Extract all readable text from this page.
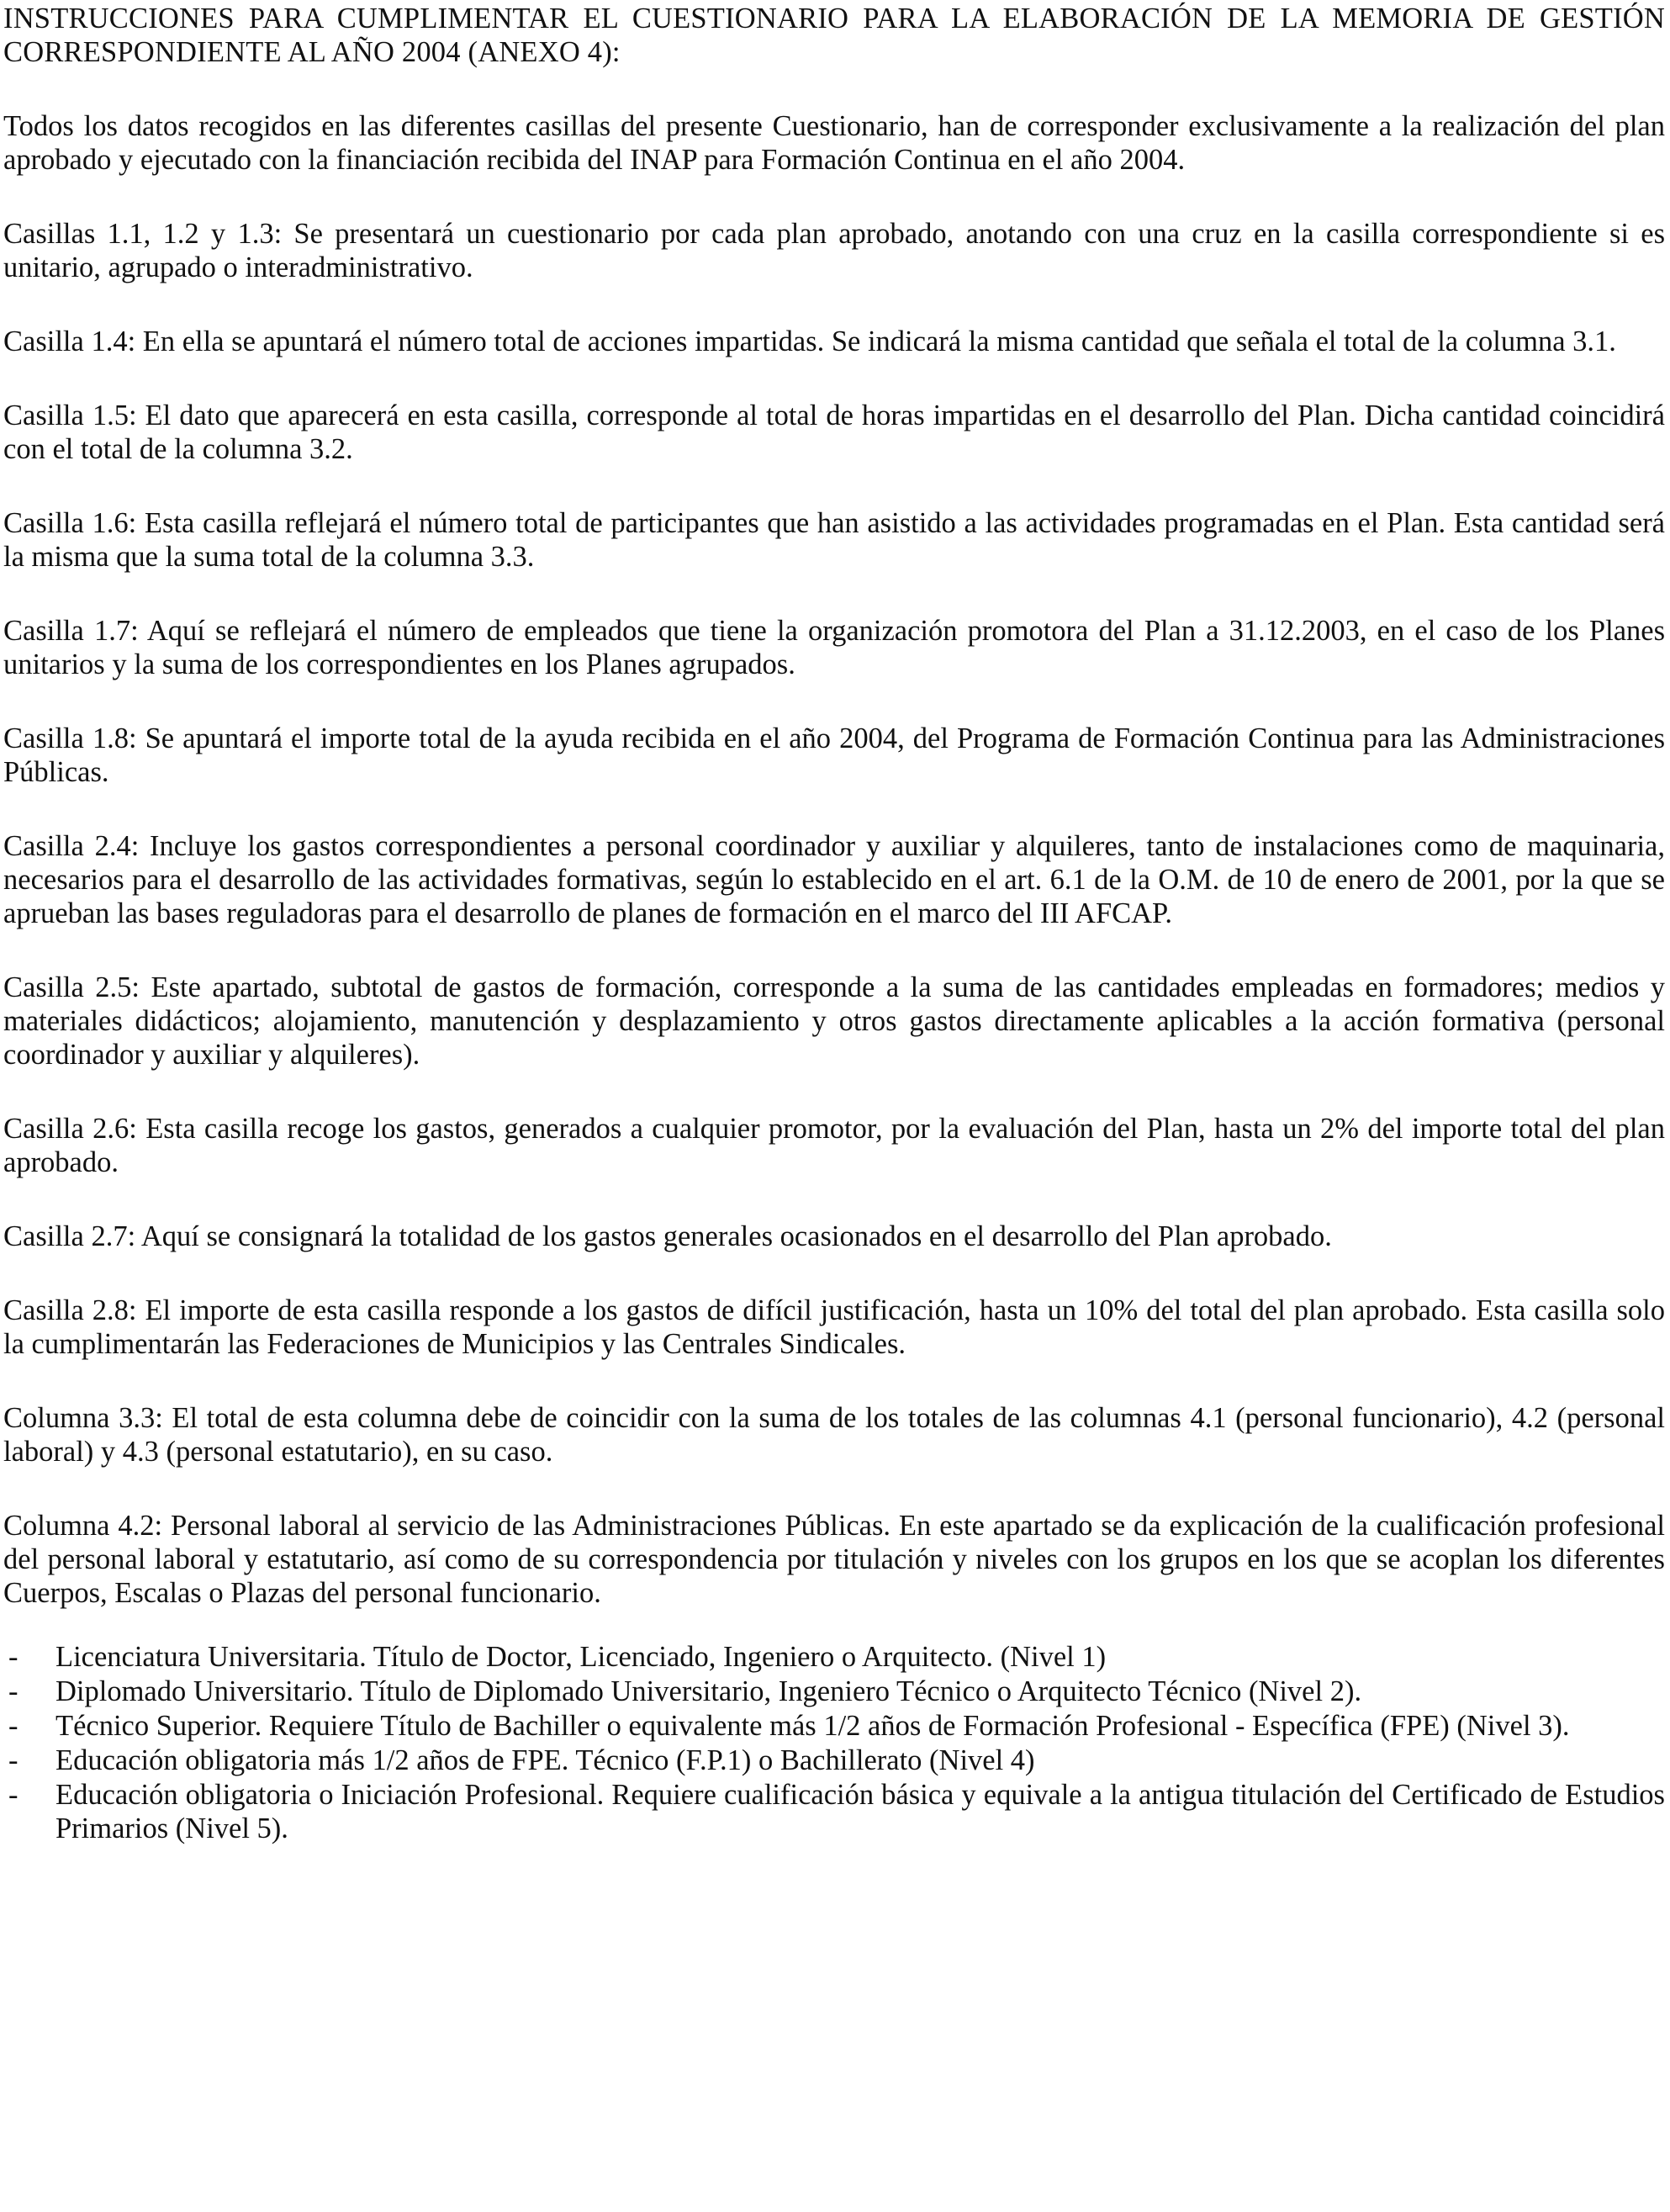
INSTRUCCIONES PARA CUMPLIMENTAR EL CUESTIONARIO PARA LA ELABORACIÓN DE LA MEMORIA DE GESTIÓN CORRESPONDIENTE AL AÑO 2004 (ANEXO 4):

Todos los datos recogidos en las diferentes casillas del presente Cuestionario, han de corresponder exclusivamente a la realización del plan aprobado y ejecutado con la financiación recibida del INAP para Formación Continua en el año 2004.

Casillas 1.1, 1.2 y 1.3: Se presentará un cuestionario por cada plan aprobado, anotando con una cruz en la casilla correspondiente si es unitario, agrupado o interadministrativo.

Casilla 1.4: En ella se apuntará el número total de acciones impartidas. Se indicará la misma cantidad que señala el total de la columna 3.1.

Casilla 1.5: El dato que aparecerá en esta casilla, corresponde al total de horas impartidas en el desarrollo del Plan. Dicha cantidad coincidirá con el total de la columna 3.2.

Casilla 1.6: Esta casilla reflejará el número total de participantes que han asistido a las actividades programadas en el Plan. Esta cantidad será la misma que la suma total de la columna 3.3.

Casilla 1.7: Aquí se reflejará el número de empleados que tiene la organización promotora del Plan a 31.12.2003, en el caso de los Planes unitarios y la suma de los correspondientes en los Planes agrupados.

Casilla 1.8: Se apuntará el importe total de la ayuda recibida en el año 2004, del Programa de Formación Continua para las Administraciones Públicas.

Casilla 2.4: Incluye los gastos correspondientes a personal coordinador y auxiliar y alquileres, tanto de instalaciones como de maquinaria, necesarios para el desarrollo de las actividades formativas, según lo establecido en el art. 6.1 de la O.M. de 10 de enero de 2001, por la que se aprueban las bases reguladoras para el desarrollo de planes de formación en el marco del III AFCAP.

Casilla 2.5: Este apartado, subtotal de gastos de formación, corresponde a la suma de las cantidades empleadas en formadores; medios y materiales didácticos; alojamiento, manutención y desplazamiento y otros gastos directamente aplicables a la acción formativa (personal coordinador y auxiliar y alquileres).

Casilla 2.6: Esta casilla recoge los gastos, generados a cualquier promotor, por la evaluación del Plan, hasta un 2% del importe total del plan aprobado.

Casilla 2.7: Aquí se consignará la totalidad de los gastos generales ocasionados en el desarrollo del Plan aprobado.

Casilla 2.8: El importe de esta casilla responde a los gastos de difícil justificación, hasta un 10% del total del plan aprobado. Esta casilla solo la cumplimentarán las Federaciones de Municipios y las Centrales Sindicales.

Columna 3.3: El total de esta columna debe de coincidir con la suma de los totales de las columnas 4.1 (personal funcionario), 4.2 (personal laboral) y 4.3 (personal estatutario), en su caso.

Columna 4.2: Personal laboral al servicio de las Administraciones Públicas. En este apartado se da explicación de la cualificación profesional del personal laboral y estatutario, así como de su correspondencia por titulación y niveles con los grupos en los que se acoplan los diferentes Cuerpos, Escalas o Plazas del personal funcionario.

- Licenciatura Universitaria. Título de Doctor, Licenciado, Ingeniero o Arquitecto. (Nivel 1)
- Diplomado Universitario. Título de Diplomado Universitario, Ingeniero Técnico o Arquitecto Técnico (Nivel 2).
- Técnico Superior. Requiere Título de Bachiller o equivalente más 1/2 años de Formación Profesional - Específica (FPE) (Nivel 3).
- Educación obligatoria más 1/2 años de FPE. Técnico (F.P.1) o Bachillerato (Nivel 4)
- Educación obligatoria o Iniciación Profesional. Requiere cualificación básica y equivale a la antigua titulación del Certificado de Estudios Primarios (Nivel 5).
